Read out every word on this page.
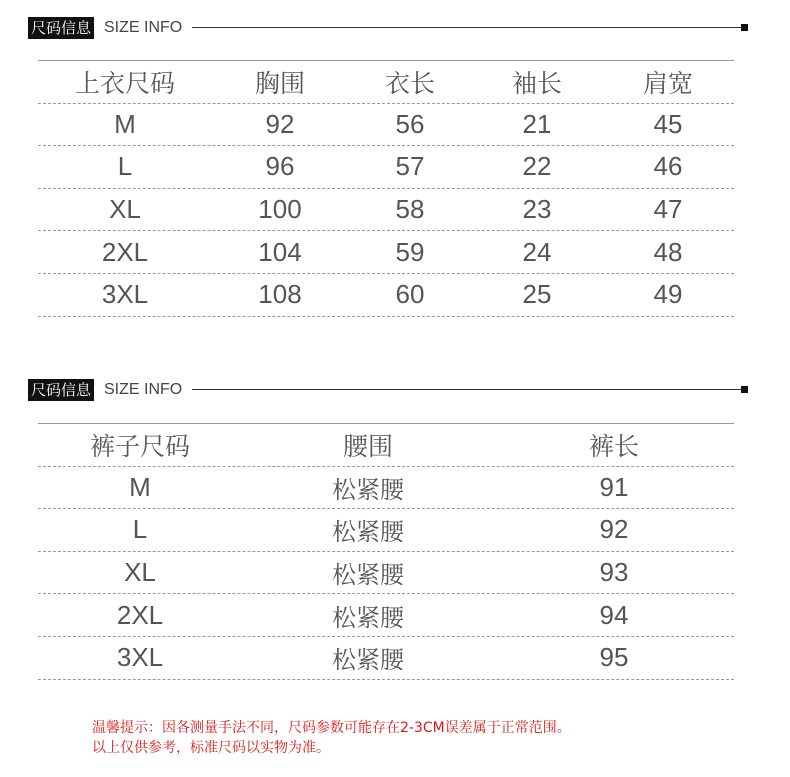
尺码信息 SIZE INFO
上衣尺码	胸围	衣长	袖长	肩宽
M	92	56	21	45
L	96	57	22	46
XL	100	58	23	47
2XL	104	59	24	48
3XL	108	60	25	49
尺码信息 SIZE INFO
裤子尺码	腰围	裤长
M	松紧腰	91
L	松紧腰	92
XL	松紧腰	93
2XL	松紧腰	94
3XL	松紧腰	95
温馨提示：因各测量手法不同，尺码参数可能存在2-3CM误差属于正常范围。
以上仅供参考，标准尺码以实物为准。
